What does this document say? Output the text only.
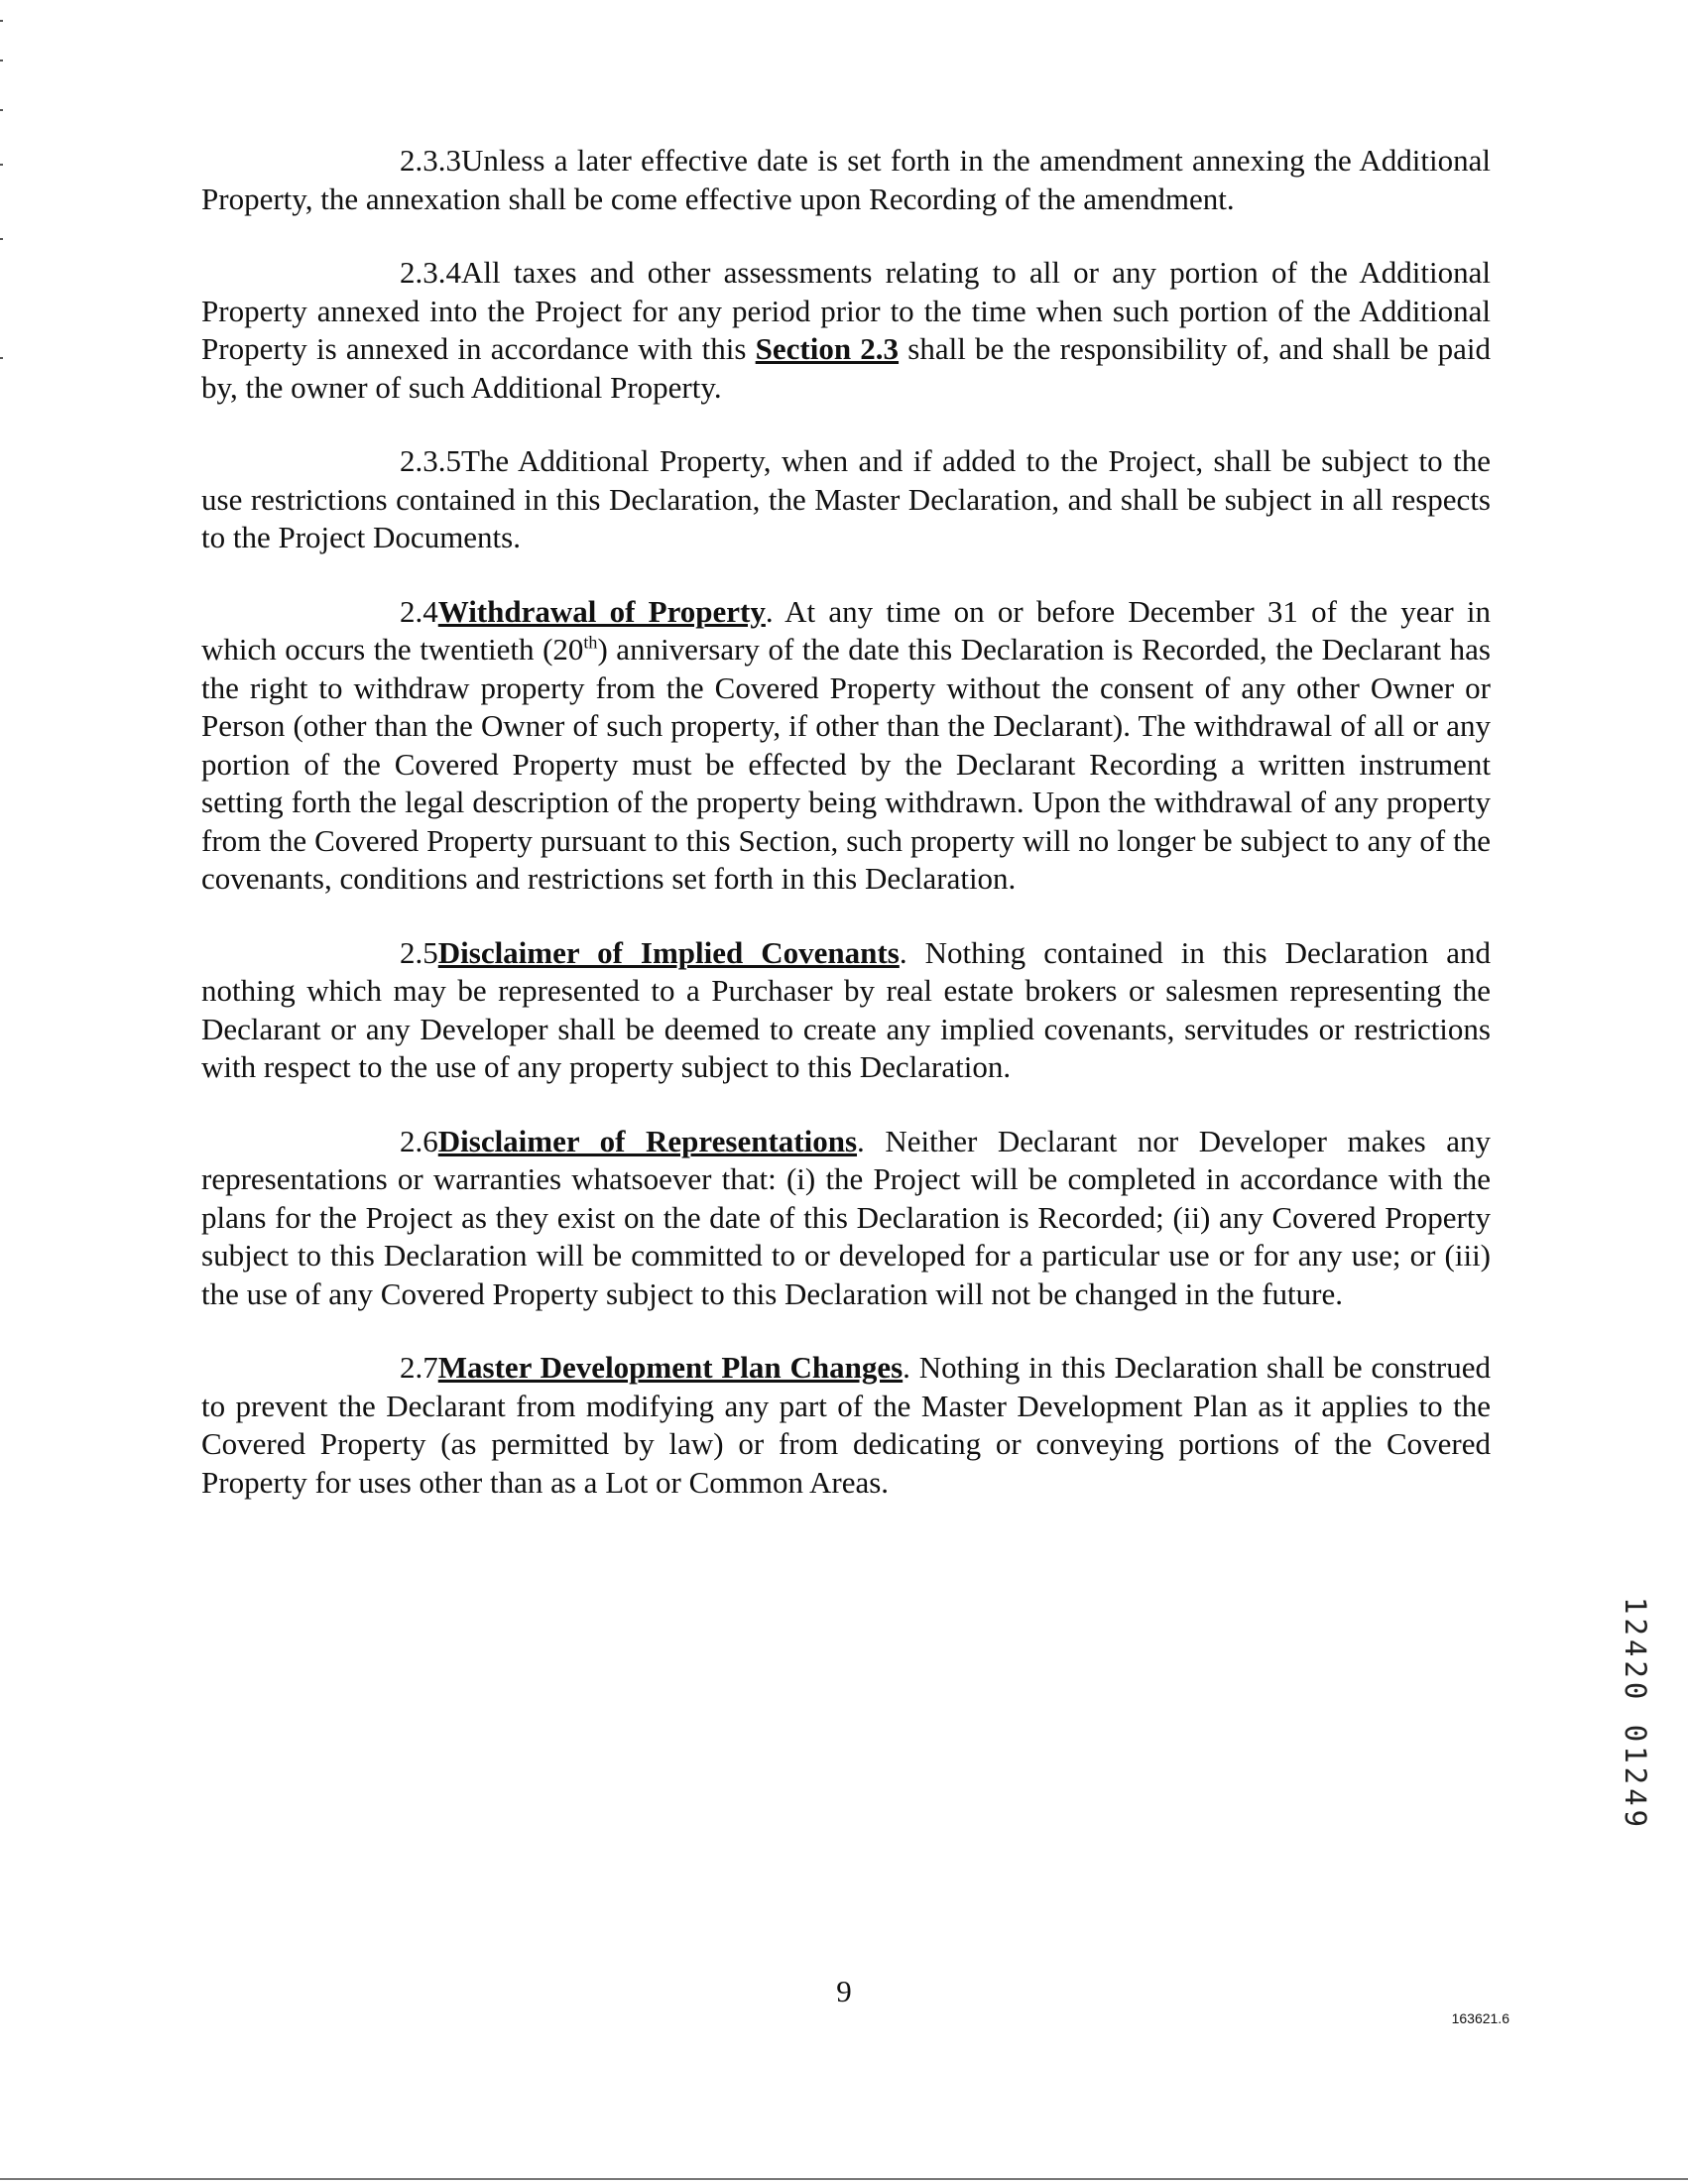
2.3.3Unless a later effective date is set forth in the amendment annexing the Additional Property, the annexation shall be come effective upon Recording of the amendment.

2.3.4All taxes and other assessments relating to all or any portion of the Additional Property annexed into the Project for any period prior to the time when such portion of the Additional Property is annexed in accordance with this Section 2.3 shall be the responsibility of, and shall be paid by, the owner of such Additional Property.

2.3.5The Additional Property, when and if added to the Project, shall be subject to the use restrictions contained in this Declaration, the Master Declaration, and shall be subject in all respects to the Project Documents.

2.4Withdrawal of Property. At any time on or before December 31 of the year in which occurs the twentieth (20th) anniversary of the date this Declaration is Recorded, the Declarant has the right to withdraw property from the Covered Property without the consent of any other Owner or Person (other than the Owner of such property, if other than the Declarant). The withdrawal of all or any portion of the Covered Property must be effected by the Declarant Recording a written instrument setting forth the legal description of the property being withdrawn. Upon the withdrawal of any property from the Covered Property pursuant to this Section, such property will no longer be subject to any of the covenants, conditions and restrictions set forth in this Declaration.

2.5Disclaimer of Implied Covenants. Nothing contained in this Declaration and nothing which may be represented to a Purchaser by real estate brokers or salesmen representing the Declarant or any Developer shall be deemed to create any implied covenants, servitudes or restrictions with respect to the use of any property subject to this Declaration.

2.6Disclaimer of Representations. Neither Declarant nor Developer makes any representations or warranties whatsoever that: (i) the Project will be completed in accordance with the plans for the Project as they exist on the date of this Declaration is Recorded; (ii) any Covered Property subject to this Declaration will be committed to or developed for a particular use or for any use; or (iii) the use of any Covered Property subject to this Declaration will not be changed in the future.

2.7Master Development Plan Changes. Nothing in this Declaration shall be construed to prevent the Declarant from modifying any part of the Master Development Plan as it applies to the Covered Property (as permitted by law) or from dedicating or conveying portions of the Covered Property for uses other than as a Lot or Common Areas.

12420 01249
9
163621.6
